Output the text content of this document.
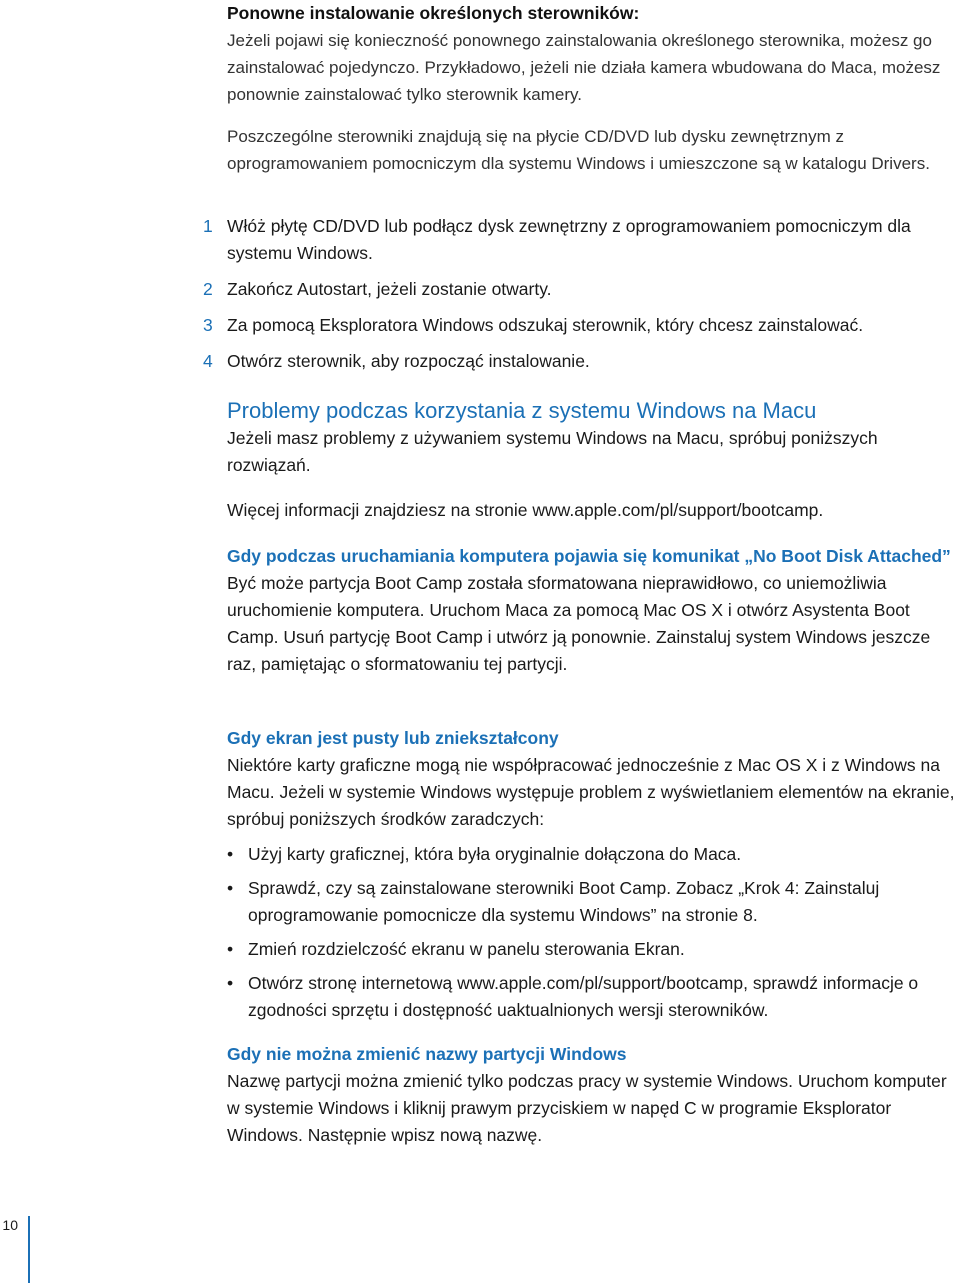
Ponowne instalowanie określonych sterowników:

Jeżeli pojawi się konieczność ponownego zainstalowania określonego sterownika, możesz go zainstalować pojedynczo. Przykładowo, jeżeli nie działa kamera wbudowana do Maca, możesz ponownie zainstalować tylko sterownik kamery.

Poszczególne sterowniki znajdują się na płycie CD/DVD lub dysku zewnętrznym z oprogramowaniem pomocniczym dla systemu Windows i umieszczone są w katalogu Drivers.

1 Włóż płytę CD/DVD lub podłącz dysk zewnętrzny z oprogramowaniem pomocniczym dla systemu Windows.
2 Zakończ Autostart, jeżeli zostanie otwarty.
3 Za pomocą Eksploratora Windows odszukaj sterownik, który chcesz zainstalować.
4 Otwórz sterownik, aby rozpocząć instalowanie.
Problemy podczas korzystania z systemu Windows na Macu

Jeżeli masz problemy z używaniem systemu Windows na Macu, spróbuj poniższych rozwiązań.

Więcej informacji znajdziesz na stronie www.apple.com/pl/support/bootcamp.

Gdy podczas uruchamiania komputera pojawia się komunikat „No Boot Disk Attached”

Być może partycja Boot Camp została sformatowana nieprawidłowo, co uniemożliwia uruchomienie komputera. Uruchom Maca za pomocą Mac OS X i otwórz Asystenta Boot Camp. Usuń partycję Boot Camp i utwórz ją ponownie. Zainstaluj system Windows jeszcze raz, pamiętając o sformatowaniu tej partycji.

Gdy ekran jest pusty lub zniekształcony

Niektóre karty graficzne mogą nie współpracować jednocześnie z Mac OS X i z Windows na Macu. Jeżeli w systemie Windows występuje problem z wyświetlaniem elementów na ekranie, spróbuj poniższych środków zaradczych:

• Użyj karty graficznej, która była oryginalnie dołączona do Maca.
• Sprawdź, czy są zainstalowane sterowniki Boot Camp. Zobacz „Krok 4: Zainstaluj oprogramowanie pomocnicze dla systemu Windows” na stronie 8.
• Zmień rozdzielczość ekranu w panelu sterowania Ekran.
• Otwórz stronę internetową www.apple.com/pl/support/bootcamp, sprawdź informacje o zgodności sprzętu i dostępność uaktualnionych wersji sterowników.
Gdy nie można zmienić nazwy partycji Windows

Nazwę partycji można zmienić tylko podczas pracy w systemie Windows. Uruchom komputer w systemie Windows i kliknij prawym przyciskiem w napęd C w programie Eksplorator Windows. Następnie wpisz nową nazwę.

10
